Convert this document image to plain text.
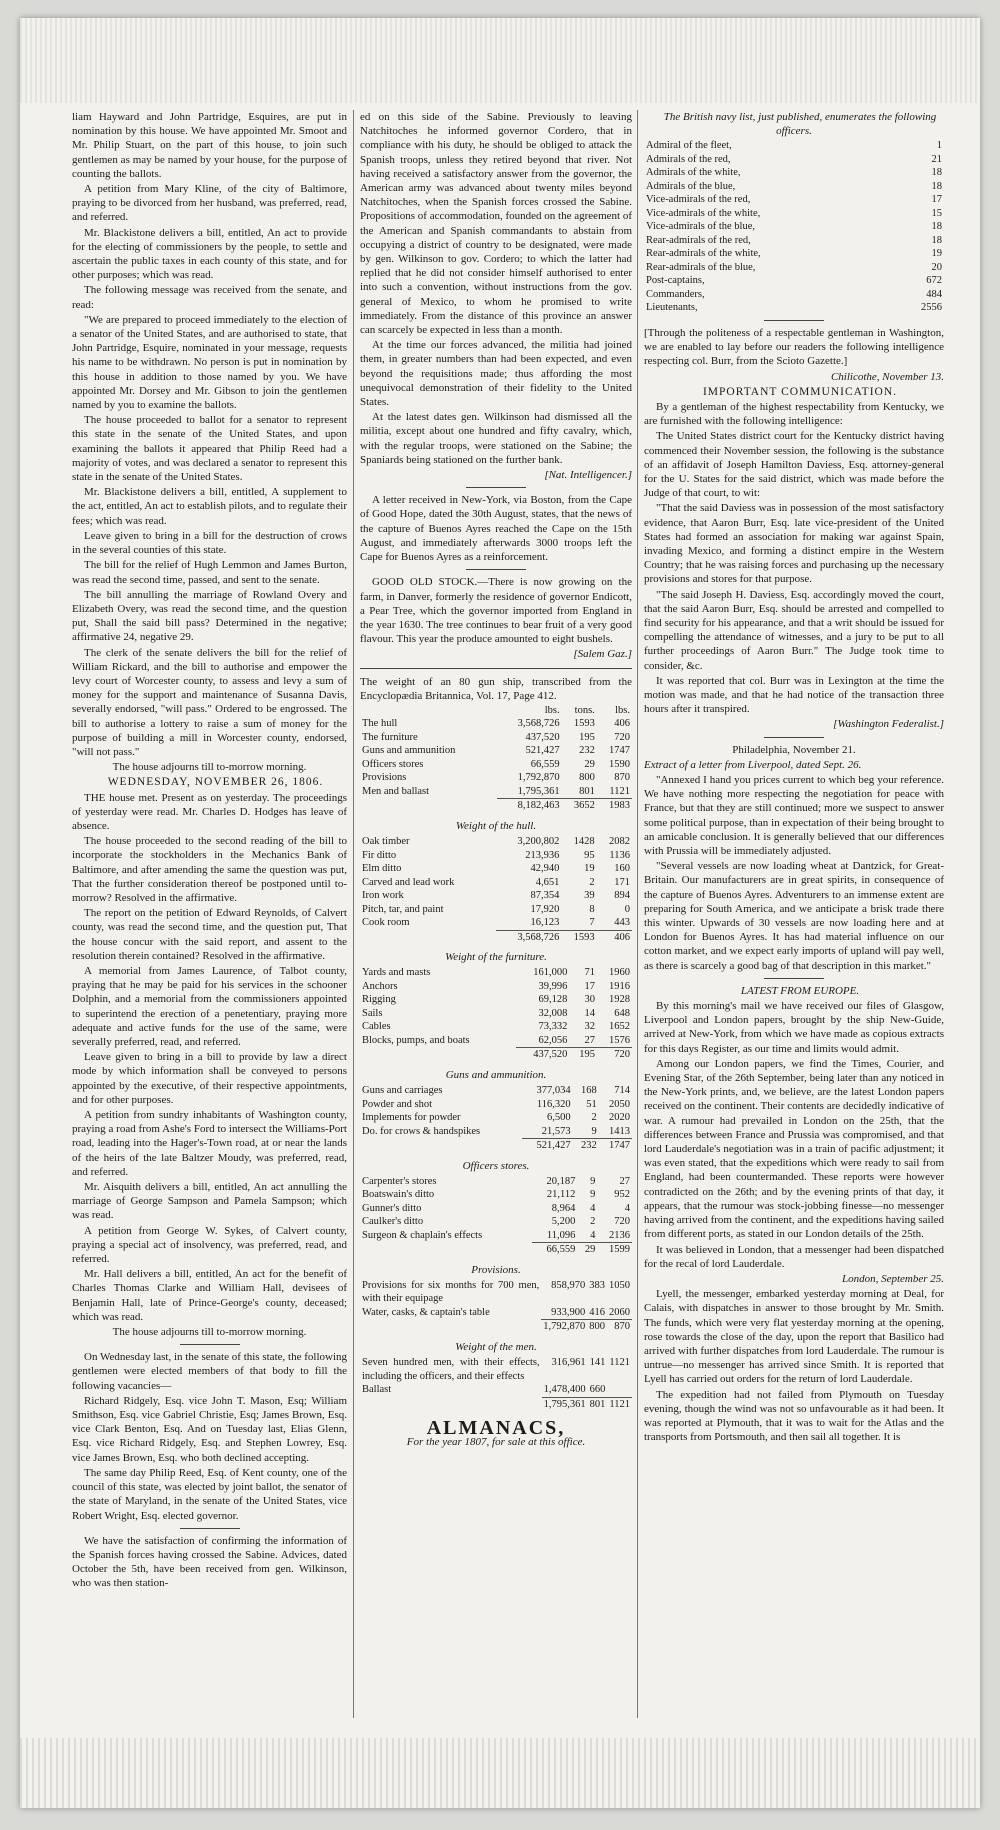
liam Hayward and John Partridge, Esquires, are put in nomination by this house. We have appointed Mr. Smoot and Mr. Philip Stuart, on the part of this house, to join such gentlemen as may be named by your house, for the purpose of counting the ballots.

A petition from Mary Kline, of the city of Baltimore, praying to be divorced from her husband, was preferred, read, and referred.

Mr. Blackistone delivers a bill, entitled, An act to provide for the electing of commissioners by the people, to settle and ascertain the public taxes in each county of this state, and for other purposes; which was read.

The following message was received from the senate, and read:

"We are prepared to proceed immediately to the election of a senator of the United States, and are authorised to state, that John Partridge, Esquire, nominated in your message, requests his name to be withdrawn. No person is put in nomination by this house in addition to those named by you. We have appointed Mr. Dorsey and Mr. Gibson to join the gentlemen named by you to examine the ballots.

The house proceeded to ballot for a senator to represent this state in the senate of the United States, and upon examining the ballots it appeared that Philip Reed had a majority of votes, and was declared a senator to represent this state in the senate of the United States.

Mr. Blackistone delivers a bill, entitled, A supplement to the act, entitled, An act to establish pilots, and to regulate their fees; which was read.

Leave given to bring in a bill for the destruction of crows in the several counties of this state.

The bill for the relief of Hugh Lemmon and James Burton, was read the second time, passed, and sent to the senate.

The bill annulling the marriage of Rowland Overy and Elizabeth Overy, was read the second time, and the question put, Shall the said bill pass? Determined in the negative; affirmative 24, negative 29.

The clerk of the senate delivers the bill for the relief of William Rickard, and the bill to authorise and empower the levy court of Worcester county, to assess and levy a sum of money for the support and maintenance of Susanna Davis, severally endorsed, "will pass." Ordered to be engrossed. The bill to authorise a lottery to raise a sum of money for the purpose of building a mill in Worcester county, endorsed, "will not pass."

The house adjourns till to-morrow morning.

WEDNESDAY, NOVEMBER 26, 1806.

THE house met. Present as on yesterday. The proceedings of yesterday were read. Mr. Charles D. Hodges has leave of absence.

The house proceeded to the second reading of the bill to incorporate the stockholders in the Mechanics Bank of Baltimore, and after amending the same the question was put, That the further consideration thereof be postponed until to-morrow? Resolved in the affirmative.

The report on the petition of Edward Reynolds, of Calvert county, was read the second time, and the question put, That the house concur with the said report, and assent to the resolution therein contained? Resolved in the affirmative.

A memorial from James Laurence, of Talbot county, praying that he may be paid for his services in the schooner Dolphin, and a memorial from the commissioners appointed to superintend the erection of a penetentiary, praying more adequate and active funds for the use of the same, were severally preferred, read, and referred.

Leave given to bring in a bill to provide by law a direct mode by which information shall be conveyed to persons appointed by the executive, of their respective appointments, and for other purposes.

A petition from sundry inhabitants of Washington county, praying a road from Ashe's Ford to intersect the Williams-Port road, leading into the Hager's-Town road, at or near the lands of the heirs of the late Baltzer Moudy, was preferred, read, and referred.

Mr. Aisquith delivers a bill, entitled, An act annulling the marriage of George Sampson and Pamela Sampson; which was read.

A petition from George W. Sykes, of Calvert county, praying a special act of insolvency, was preferred, read, and referred.

Mr. Hall delivers a bill, entitled, An act for the benefit of Charles Thomas Clarke and William Hall, devisees of Benjamin Hall, late of Prince-George's county, deceased; which was read.

The house adjourns till to-morrow morning.

On Wednesday last, in the senate of this state, the following gentlemen were elected members of that body to fill the following vacancies—

Richard Ridgely, Esq. vice John T. Mason, Esq; William Smithson, Esq. vice Gabriel Christie, Esq; James Brown, Esq. vice Clark Benton, Esq. And on Tuesday last, Elias Glenn, Esq. vice Richard Ridgely, Esq. and Stephen Lowrey, Esq. vice James Brown, Esq. who both declined accepting.

The same day Philip Reed, Esq. of Kent county, one of the council of this state, was elected by joint ballot, the senator of the state of Maryland, in the senate of the United States, vice Robert Wright, Esq. elected governor.

We have the satisfaction of confirming the information of the Spanish forces having crossed the Sabine. Advices, dated October the 5th, have been received from gen. Wilkinson, who was then station-

ed on this side of the Sabine. Previously to leaving Natchitoches he informed governor Cordero, that in compliance with his duty, he should be obliged to attack the Spanish troops, unless they retired beyond that river. Not having received a satisfactory answer from the governor, the American army was advanced about twenty miles beyond Natchitoches, when the Spanish forces crossed the Sabine. Propositions of accommodation, founded on the agreement of the American and Spanish commandants to abstain from occupying a district of country to be designated, were made by gen. Wilkinson to gov. Cordero; to which the latter had replied that he did not consider himself authorised to enter into such a convention, without instructions from the gov. general of Mexico, to whom he promised to write immediately. From the distance of this province an answer can scarcely be expected in less than a month.

At the time our forces advanced, the militia had joined them, in greater numbers than had been expected, and even beyond the requisitions made; thus affording the most unequivocal demonstration of their fidelity to the United States.

At the latest dates gen. Wilkinson had dismissed all the militia, except about one hundred and fifty cavalry, which, with the regular troops, were stationed on the Sabine; the Spaniards being stationed on the further bank.

[Nat. Intelligencer.]

A letter received in New-York, via Boston, from the Cape of Good Hope, dated the 30th August, states, that the news of the capture of Buenos Ayres reached the Cape on the 15th August, and immediately afterwards 3000 troops left the Cape for Buenos Ayres as a reinforcement.

GOOD OLD STOCK.—There is now growing on the farm, in Danver, formerly the residence of governor Endicott, a Pear Tree, which the governor imported from England in the year 1630. The tree continues to bear fruit of a very good flavour. This year the produce amounted to eight bushels.

[Salem Gaz.]

The weight of an 80 gun ship, transcribed from the Encyclopædia Britannica, Vol. 17, Page 412.

	lbs.	tons.	lbs.
The hull	3,568,726	1593	406
The furniture	437,520	195	720
Guns and ammunition	521,427	232	1747
Officers stores	66,559	29	1590
Provisions	1,792,870	800	870
Men and ballast	1,795,361	801	1121
	8,182,463	3652	1983
Weight of the hull.
Oak timber	3,200,802	1428	2082
Fir ditto	213,936	95	1136
Elm ditto	42,940	19	160
Carved and lead work	4,651	2	171
Iron work	87,354	39	894
Pitch, tar, and paint	17,920	8	0
Cook room	16,123	7	443
	3,568,726	1593	406
Weight of the furniture.
Yards and masts	161,000	71	1960
Anchors	39,996	17	1916
Rigging	69,128	30	1928
Sails	32,008	14	648
Cables	73,332	32	1652
Blocks, pumps, and boats	62,056	27	1576
	437,520	195	720
Guns and ammunition.
Guns and carriages	377,034	168	714
Powder and shot	116,320	51	2050
Implements for powder	6,500	2	2020
Do. for crows & handspikes	21,573	9	1413
	521,427	232	1747
Officers stores.
Carpenter's stores	20,187	9	27
Boatswain's ditto	21,112	9	952
Gunner's ditto	8,964	4	4
Caulker's ditto	5,200	2	720
Surgeon & chaplain's effects	11,096	4	2136
	66,559	29	1599
Provisions.
Provisions for six months for 700 men, with their equipage	858,970	383	1050
Water, casks, & captain's table	933,900	416	2060
	1,792,870	800	870
Weight of the men.
Seven hundred men, with their effects, including the officers, and their effects	316,961	141	1121
Ballast	1,478,400	660	
	1,795,361	801	1121
ALMANACS,
For the year 1807, for sale at this office.

The British navy list, just published, enumerates the following officers.

Admiral of the fleet,	1
Admirals of the red,	21
Admirals of the white,	18
Admirals of the blue,	18
Vice-admirals of the red,	17
Vice-admirals of the white,	15
Vice-admirals of the blue,	18
Rear-admirals of the red,	18
Rear-admirals of the white,	19
Rear-admirals of the blue,	20
Post-captains,	672
Commanders,	484
Lieutenants,	2556

[Through the politeness of a respectable gentleman in Washington, we are enabled to lay before our readers the following intelligence respecting col. Burr, from the Scioto Gazette.]

Chilicothe, November 13.

IMPORTANT COMMUNICATION.

By a gentleman of the highest respectability from Kentucky, we are furnished with the following intelligence:

The United States district court for the Kentucky district having commenced their November session, the following is the substance of an affidavit of Joseph Hamilton Daviess, Esq. attorney-general for the U. States for the said district, which was made before the Judge of that court, to wit:

"That the said Daviess was in possession of the most satisfactory evidence, that Aaron Burr, Esq. late vice-president of the United States had formed an association for making war against Spain, invading Mexico, and forming a distinct empire in the Western Country; that he was raising forces and purchasing up the necessary provisions and stores for that purpose.

"The said Joseph H. Daviess, Esq. accordingly moved the court, that the said Aaron Burr, Esq. should be arrested and compelled to find security for his appearance, and that a writ should be issued for compelling the attendance of witnesses, and a jury to be put to all further proceedings of Aaron Burr." The Judge took time to consider, &c.

It was reported that col. Burr was in Lexington at the time the motion was made, and that he had notice of the transaction three hours after it transpired.

[Washington Federalist.]

Philadelphia, November 21.

Extract of a letter from Liverpool, dated Sept. 26.

"Annexed I hand you prices current to which beg your reference. We have nothing more respecting the negotiation for peace with France, but that they are still continued; more we suspect to answer some political purpose, than in expectation of their being brought to an amicable conclusion. It is generally believed that our differences with Prussia will be immediately adjusted.

"Several vessels are now loading wheat at Dantzick, for Great-Britain. Our manufacturers are in great spirits, in consequence of the capture of Buenos Ayres. Adventurers to an immense extent are preparing for South America, and we anticipate a brisk trade there this winter. Upwards of 30 vessels are now loading here and at London for Buenos Ayres. It has had material influence on our cotton market, and we expect early imports of upland will pay well, as there is scarcely a good bag of that description in this market."

LATEST FROM EUROPE.

By this morning's mail we have received our files of Glasgow, Liverpool and London papers, brought by the ship New-Guide, arrived at New-York, from which we have made as copious extracts for this days Register, as our time and limits would admit.

Among our London papers, we find the Times, Courier, and Evening Star, of the 26th September, being later than any noticed in the New-York prints, and, we believe, are the latest London papers received on the continent. Their contents are decidedly indicative of war. A rumour had prevailed in London on the 25th, that the differences between France and Prussia was compromised, and that lord Lauderdale's negotiation was in a train of pacific adjustment; it was even stated, that the expeditions which were ready to sail from England, had been countermanded. These reports were however contradicted on the 26th; and by the evening prints of that day, it appears, that the rumour was stock-jobbing finesse—no messenger having arrived from the continent, and the expeditions having sailed from different ports, as stated in our London details of the 25th.

It was believed in London, that a messenger had been dispatched for the recal of lord Lauderdale.

London, September 25.

Lyell, the messenger, embarked yesterday morning at Deal, for Calais, with dispatches in answer to those brought by Mr. Smith. The funds, which were very flat yesterday morning at the opening, rose towards the close of the day, upon the report that Basilico had arrived with further dispatches from lord Lauderdale. The rumour is untrue—no messenger has arrived since Smith. It is reported that Lyell has carried out orders for the return of lord Lauderdale.

The expedition had not failed from Plymouth on Tuesday evening, though the wind was not so unfavourable as it had been. It was reported at Plymouth, that it was to wait for the Atlas and the transports from Portsmouth, and then sail all together. It is
